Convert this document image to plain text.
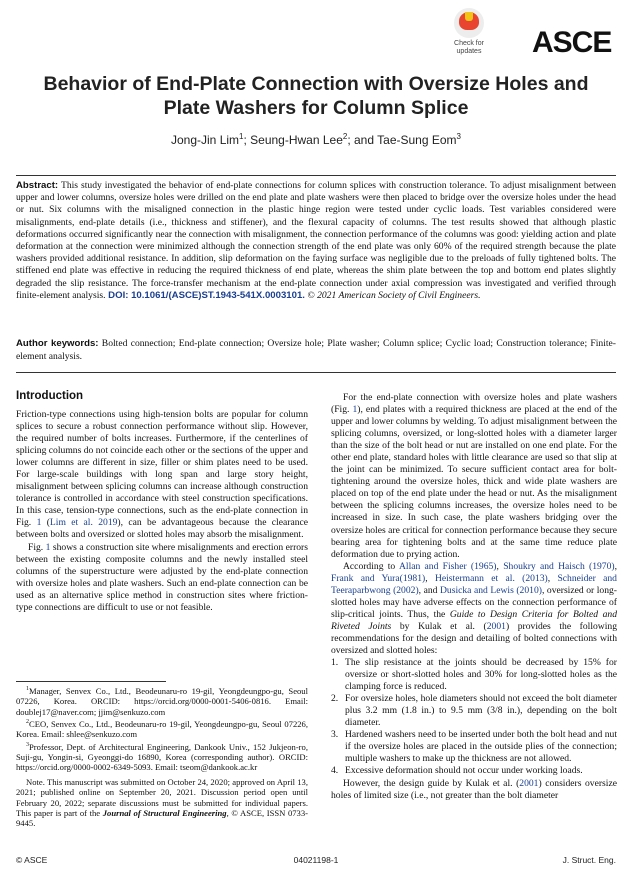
Check for
updates	ASCE
Behavior of End-Plate Connection with Oversize Holes and
Plate Washers for Column Splice
Jong-Jin Lim$^1$; Seung-Hwan Lee$^2$; and Tae-Sung Eom$^3$
Abstract: This study investigated the behavior of end-plate connections for column splices with construction tolerance. To adjust misalignment between upper and lower columns, oversize holes were drilled on the end plate and plate washers were then placed to bridge over the oversize holes under the head or nut. Six columns with the misaligned connection in the plastic hinge region were tested under cyclic loads. Test variables considered were misalignments, end-plate details (i.e., thickness and stiffener), and the flexural capacity of columns. The test results showed that although plastic deformations occurred significantly near the connection with misalignment, the connection performance of the columns was good: yielding action and plate deformation at the connection were minimized although the connection strength of the end plate was only 60% of the required strength because the plate washers provided additional resistance. In addition, slip deformation on the faying surface was negligible due to the preloads of fully tightened bolts. The stiffened end plate was effective in reducing the required thickness of end plate, whereas the shim plate between the top and bottom end plates slightly degraded the slip resistance. The force-transfer mechanism at the end-plate connection under axial compression was investigated and verified through finite-element analysis. DOI: 10.1061/(ASCE)ST.1943-541X.0003101. © 2021 American Society of Civil Engineers.
Author keywords: Bolted connection; End-plate connection; Oversize hole; Plate washer; Column splice; Cyclic load; Construction tolerance; Finite-element analysis.
Introduction

Friction-type connections using high-tension bolts are popular for column splices to secure a robust connection performance without slip. However, the required number of bolts increases. Furthermore, if the centerlines of splicing columns do not coincide each other or the sections of the upper and lower columns are different in size, filler or shim plates need to be used. For large-scale buildings with long span and large story height, misalignment between splicing columns can increase although construction tolerance is controlled in accordance with steel construction specifications. In this case, tension-type connections, such as the end-plate connection in Fig. 1 (Lim et al. 2019), can be advantageous because the clearance between bolts and oversized or slotted holes may absorb the misalignment.

Fig. 1 shows a construction site where misalignments and erection errors between the existing composite columns and the newly installed steel columns of the superstructure were adjusted by the end-plate connection with oversize holes and plate washers. Such an end-plate connection can be used as an alternative splice method in construction sites where friction-type connections are difficult to use or not feasible.

$^1$Manager, Senvex Co., Ltd., Beodeunaru-ro 19-gil, Yeongdeungpo-gu, Seoul 07226, Korea. ORCID: https://orcid.org/0000-0001-5406-0816. Email: doublej17@naver.com; jjim@senkuzo.com

$^2$CEO, Senvex Co., Ltd., Beodeunaru-ro 19-gil, Yeongdeungpo-gu, Seoul 07226, Korea. Email: shlee@senkuzo.com

$^3$Professor, Dept. of Architectural Engineering, Dankook Univ., 152 Jukjeon-ro, Suji-gu, Yongin-si, Gyeonggi-do 16890, Korea (corresponding author). ORCID: https://orcid.org/0000-0002-6349-5093. Email: tseom@dankook.ac.kr

Note. This manuscript was submitted on October 24, 2020; approved on April 13, 2021; published online on September 20, 2021. Discussion period open until February 20, 2022; separate discussions must be submitted for individual papers. This paper is part of the Journal of Structural Engineering, © ASCE, ISSN 0733-9445.

For the end-plate connection with oversize holes and plate washers (Fig. 1), end plates with a required thickness are placed at the end of the upper and lower columns by welding. To adjust misalignment between the splicing columns, oversized, or long-slotted holes with a diameter larger than the size of the bolt head or nut are installed on one end plate. For the other end plate, standard holes with little clearance are used so that slip at the joint can be minimized. To secure sufficient contact area for bolt-tightening around the oversize holes, thick and wide plate washers are placed on top of the end plate under the head or nut. As the misalignment between the splicing columns increases, the oversize holes need to be increased in size. In such case, the plate washers bridging over the oversize holes are critical for connection performance because they secure bearing area for tightening bolts and at the same time reduce plate deformation due to prying action.

According to Allan and Fisher (1965), Shoukry and Haisch (1970), Frank and Yura(1981), Heistermann et al. (2013), Schneider and Teeraparbwong (2002), and Dusicka and Lewis (2010), oversized or long-slotted holes may have adverse effects on the connection performance of slip-critical joints. Thus, the Guide to Design Criteria for Bolted and Riveted Joints by Kulak et al. (2001) provides the following recommendations for the design and detailing of bolted connections with oversized and slotted holes:

1. The slip resistance at the joints should be decreased by 15% for oversize or short-slotted holes and 30% for long-slotted holes as the clamping force is reduced.
2. For oversize holes, hole diameters should not exceed the bolt diameter plus 3.2 mm (1.8 in.) to 9.5 mm (3/8 in.), depending on the bolt diameter.
3. Hardened washers need to be inserted under both the bolt head and nut if the oversize holes are placed in the outside plies of the connection; multiple washers to make up the thickness are not allowed.
4. Excessive deformation should not occur under working loads.

However, the design guide by Kulak et al. (2001) considers oversize holes of limited size (i.e., not greater than the bolt diameter

© ASCE	04021198-1	J. Struct. Eng.
